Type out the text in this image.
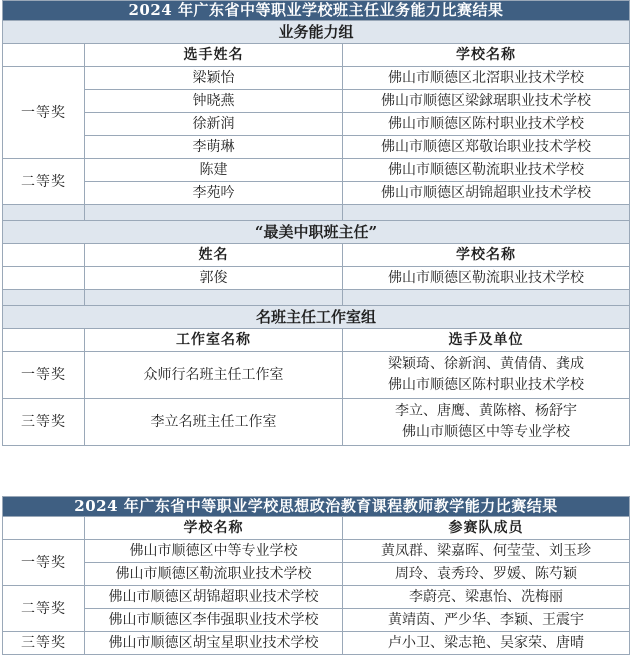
2024 年广东省中等职业学校班主任业务能力比赛结果		
业务能力组		
	选手姓名	学校名称
一等奖	梁颖怡	佛山市顺德区北滘职业技术学校
	钟晓燕	佛山市顺德区梁銶琚职业技术学校
	徐新润	佛山市顺德区陈村职业技术学校
	李萌琳	佛山市顺德区郑敬诒职业技术学校
二等奖	陈建	佛山市顺德区勒流职业技术学校
	李苑吟	佛山市顺德区胡锦超职业技术学校

“最美中职班主任”		
	姓名	学校名称
	郭俊	佛山市顺德区勒流职业技术学校

名班主任工作室组		
	工作室名称	选手及单位
一等奖	众师行名班主任工作室	梁颖琦、徐新润、黄倩倩、龚成
佛山市顺德区陈村职业技术学校

三等奖	李立名班主任工作室	李立、唐鹰、黄陈榕、杨舒宇
佛山市顺德区中等专业学校
2024 年广东省中等职业学校思想政治教育课程教师教学能力比赛结果		
	学校名称	参赛队成员
一等奖	佛山市顺德区中等专业学校	黄凤群、梁嘉晖、何莹莹、刘玉珍
	佛山市顺德区勒流职业技术学校	周玲、袁秀玲、罗媛、陈芍颖
二等奖	佛山市顺德区胡锦超职业技术学校	李蔚亮、梁惠怡、冼梅丽
	佛山市顺德区李伟强职业技术学校	黄靖茵、严少华、李颖、王震宇
三等奖	佛山市顺德区胡宝星职业技术学校	卢小卫、梁志艳、吴家荣、唐晴
